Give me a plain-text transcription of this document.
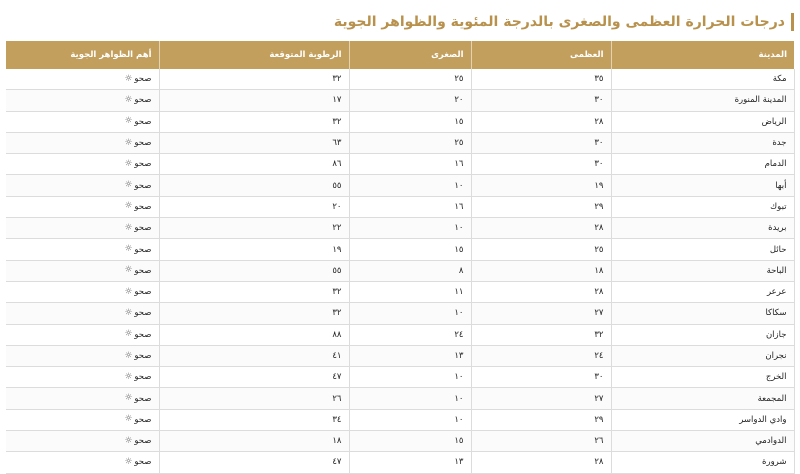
درجات الحرارة العظمى والصغرى بالدرجة المئوية والظواهر الجوية
المدينة	العظمى	الصغرى	الرطوبة المتوقعة	أهم الظواهر الجوية
مكة	٣٥	٢٥	٣٢	صحو
☼

المدينة المنورة	٣٠	٢٠	١٧	صحو
☼

الرياض	٢٨	١٥	٣٢	صحو
☼

جدة	٣٠	٢٥	٦٣	صحو
☼

الدمام	٣٠	١٦	٨٦	صحو
☼

أبها	١٩	١٠	٥٥	صحو
☼

تبوك	٢٩	١٦	٢٠	صحو
☼

بريدة	٢٨	١٠	٢٢	صحو
☼

حائل	٢٥	١٥	١٩	صحو
☼

الباحة	١٨	٨	٥٥	صحو
☼

عرعر	٢٨	١١	٣٢	صحو
☼

سكاكا	٢٧	١٠	٣٢	صحو
☼

جازان	٣٢	٢٤	٨٨	صحو
☼

نجران	٢٤	١٣	٤١	صحو
☼

الخرج	٣٠	١٠	٤٧	صحو
☼

المجمعة	٢٧	١٠	٢٦	صحو
☼

وادي الدواسر	٢٩	١٠	٣٤	صحو
☼

الدوادمي	٢٦	١٥	١٨	صحو
☼

شرورة	٢٨	١٣	٤٧	صحو
☼
